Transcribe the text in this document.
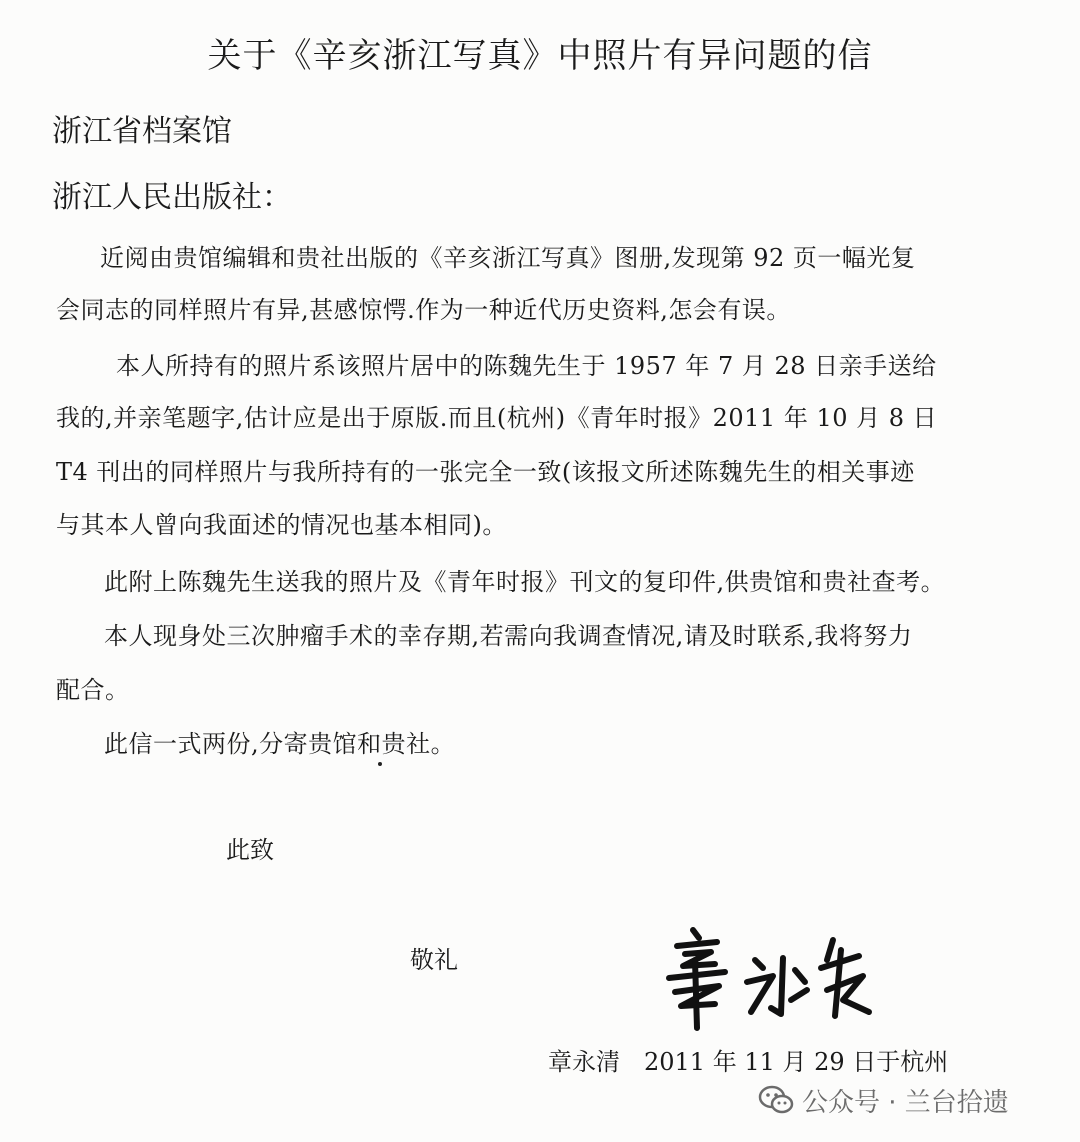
关于《辛亥浙江写真》中照片有异问题的信
浙江省档案馆
浙江人民出版社：
近阅由贵馆编辑和贵社出版的《辛亥浙江写真》图册,发现第 92 页一幅光复
会同志的同样照片有异,甚感惊愕.作为一种近代历史资料,怎会有误。
本人所持有的照片系该照片居中的陈魏先生于 1957 年 7 月 28 日亲手送给
我的,并亲笔题字,估计应是出于原版.而且(杭州)《青年时报》2011 年 10 月 8 日
T4 刊出的同样照片与我所持有的一张完全一致(该报文所述陈魏先生的相关事迹
与其本人曾向我面述的情况也基本相同)。
此附上陈魏先生送我的照片及《青年时报》刊文的复印件,供贵馆和贵社查考。
本人现身处三次肿瘤手术的幸存期,若需向我调查情况,请及时联系,我将努力
配合。
此信一式两份,分寄贵馆和贵社。
此致
敬礼
章永清　2011 年 11 月 29 日于杭州
公众号 · 兰台拾遗
